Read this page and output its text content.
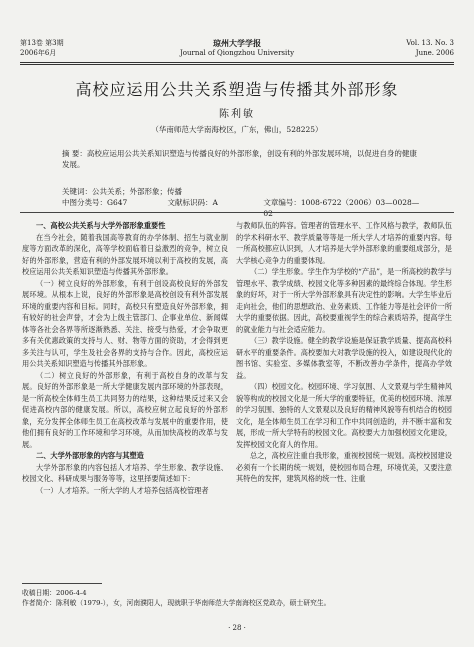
第13卷 第3期
2006年6月
琼州大学学报
Journal of Qiongzhou University
Vol. 13. No. 3
June. 2006
高校应运用公共关系塑造与传播其外部形象
陈利敏
（华南师范大学南海校区，广东，佛山，528225）

摘 要：高校应运用公共关系知识塑造与传播良好的外部形象，创设有利的外部发展环境，以促进自身的健康发展。

关键词：公共关系；外部形象；传播
中图分类号：G647	文献标识码：A	文章编号：1008-6722（2006）03—0028—02

一、高校公共关系与大学外部形象重要性

在当今社会，随着我国高等教育的办学体制、招生与就业制度等方面改革的深化，高等学校面临着日益激烈的竞争，树立良好的外部形象，营造有利的外部发展环境以利于高校的发展，高校应运用公共关系知识塑造与传播其外部形象。

（一）树立良好的外部形象，有利于创设高校良好的外部发展环境。从根本上说，良好的外部形象是高校创设有利外部发展环境的重要内容和目标。同时，高校只有塑造良好外部形象，拥有较好的社会声誉，才会为上级主管部门、企事业单位、新闻媒体等各社会各界等所逐渐熟悉、关注、接受与热爱，才会争取更多有关优惠政策的支持与人、财、物等方面的资助，才会得到更多关注与认可，学生及社会各界的支持与合作。因此，高校应运用公共关系知识塑造与传播其外部形象。

（二）树立良好的外部形象，有利于高校自身的改革与发展。良好的外部形象是一所大学健康发展内部环境的外部表现，是一所高校全体师生员工共同努力的结果，这种结果反过来又会促进高校内部的健康发展。所以，高校应树立起良好的外部形象，充分发挥全体师生员工在高校改革与发展中的重要作用，使他们拥有良好的工作环境和学习环境，从而加快高校的改革与发展。

二、大学外部形象的内容与其塑造

大学外部形象的内容包括人才培养、学生形象、教学设施、校园文化、科研成果与服务等等，这里择要简述如下：

（一）人才培养。一所大学的人才培养包括高校管理者

与教师队伍的阵容。管理者的管理水平、工作风格与教学，教师队伍的学术科研水平、教学质量等等是一所大学人才培养的重要内容。每一所高校都应认识到，人才培养是大学外部形象的重要组成部分，是大学核心竞争力的重要体现。

（二）学生形象。学生作为学校的“产品”，是一所高校的教学与管理水平、教学成绩、校园文化等多种因素的最终综合体现。学生形象的好坏，对于一所大学外部形象具有决定性的影响。大学生毕业后走向社会，他们的思想政治、业务素质、工作能力等是社会评价一所大学的重要依据。因此，高校要重视学生的综合素质培养，提高学生的就业能力与社会适应能力。

（三）教学设施。健全的教学设施是保证教学质量、提高高校科研水平的重要条件。高校要加大对教学设施的投入，如建设现代化的图书馆、实验室、多媒体教室等，不断改善办学条件，提高办学效益。

（四）校园文化。校园环境、学习氛围、人文景观与学生精神风貌等构成的校园文化是一所大学的重要特征，优美的校园环境、浓厚的学习氛围、独特的人文景观以及良好的精神风貌等有机结合的校园文化，是全体师生员工在学习和工作中共同创造的，并不断丰富和发展，形成一所大学特有的校园文化。高校要大力加强校园文化建设，发挥校园文化育人的作用。

总之，高校应注重自我形象，重视校园统一规划。高校校园建设必须有一个长期的统一规划，使校园布局合理，环境优美，又要注意其特色的发挥，建筑风格的统一性、注重

收稿日期：2006-4-4
作者简介：陈利敏（1979-），女，河南濮阳人，现就职于华南师范大学南海校区党政办，硕士研究生。
· 28 ·
